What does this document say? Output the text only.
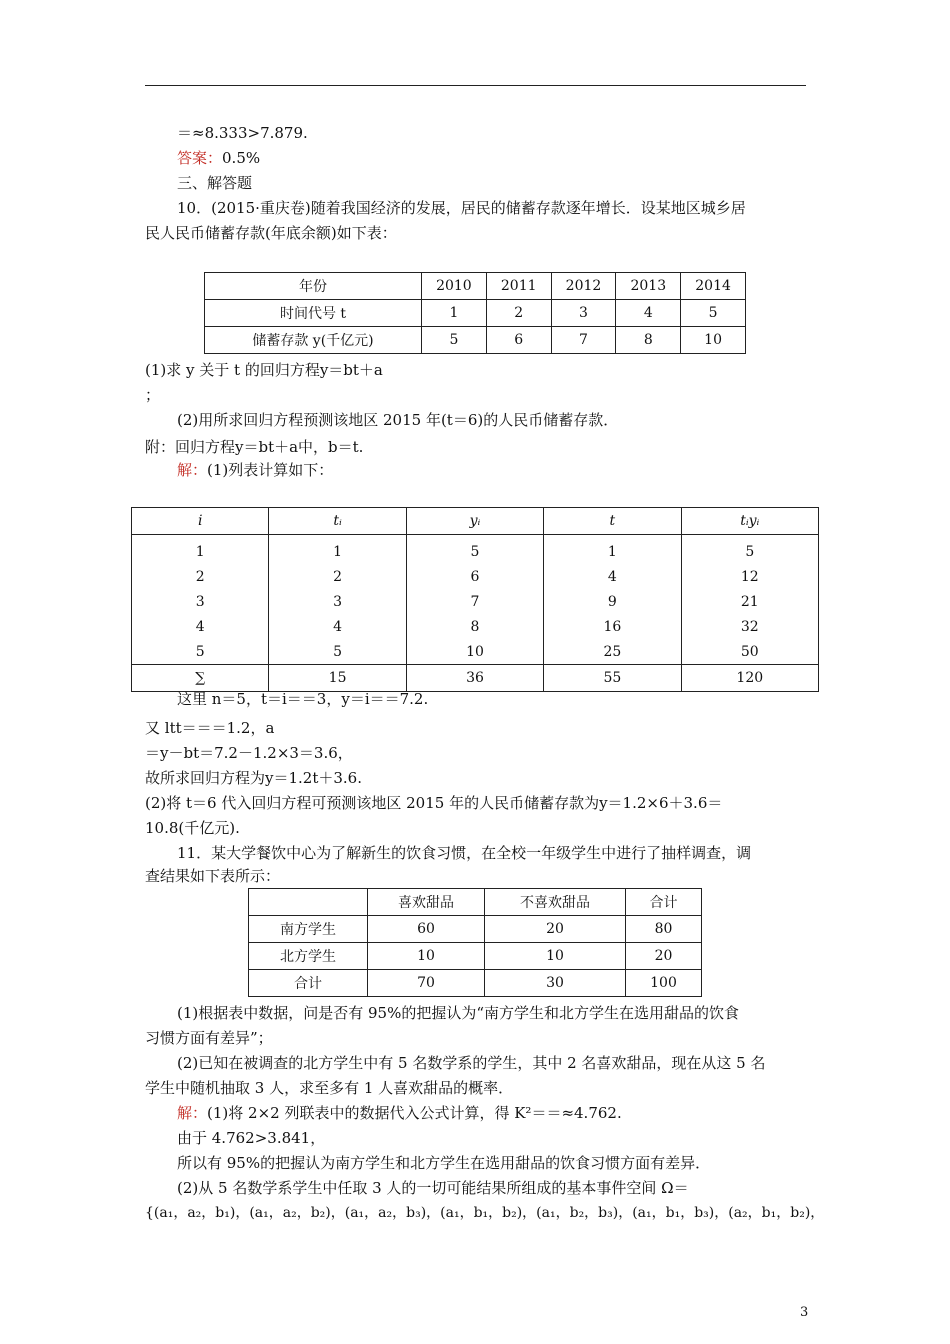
＝≈8.333>7.879.
答案：0.5%
三、解答题
10．(2015·重庆卷)随着我国经济的发展，居民的储蓄存款逐年增长．设某地区城乡居
民人民币储蓄存款(年底余额)如下表：
年份	2010	2011	2012	2013	2014
时间代号 t	1	2	3	4	5
储蓄存款 y(千亿元)	5	6	7	8	10
(1)求 y 关于 t 的回归方程y＝bt＋a
；
(2)用所求回归方程预测该地区 2015 年(t＝6)的人民币储蓄存款．
附：回归方程y＝bt＋a中，b＝t.
解：(1)列表计算如下：
i	tᵢ	yᵢ	t	tᵢyᵢ
1	1	5	1	5
2	2	6	4	12
3	3	7	9	21
4	4	8	16	32
5	5	10	25	50
∑	15	36	55	120
这里 n＝5，t＝i＝＝3，y＝i＝＝7.2.
又 ltt＝＝＝1.2，a
＝y－bt＝7.2－1.2×3＝3.6，
故所求回归方程为y＝1.2t＋3.6.
(2)将 t＝6 代入回归方程可预测该地区 2015 年的人民币储蓄存款为y＝1.2×6＋3.6＝
10.8(千亿元).
11．某大学餐饮中心为了解新生的饮食习惯，在全校一年级学生中进行了抽样调查，调
查结果如下表所示：
	喜欢甜品	不喜欢甜品	合计
南方学生	60	20	80
北方学生	10	10	20
合计	70	30	100
(1)根据表中数据，问是否有 95%的把握认为“南方学生和北方学生在选用甜品的饮食
习惯方面有差异”；
(2)已知在被调查的北方学生中有 5 名数学系的学生，其中 2 名喜欢甜品，现在从这 5 名
学生中随机抽取 3 人，求至多有 1 人喜欢甜品的概率．
解：(1)将 2×2 列联表中的数据代入公式计算，得 K²＝＝≈4.762.
由于 4.762>3.841，
所以有 95%的把握认为南方学生和北方学生在选用甜品的饮食习惯方面有差异．
(2)从 5 名数学系学生中任取 3 人的一切可能结果所组成的基本事件空间 Ω＝
{(a₁，a₂，b₁)，(a₁，a₂，b₂)，(a₁，a₂，b₃)，(a₁，b₁，b₂)，(a₁，b₂，b₃)，(a₁，b₁，b₃)，(a₂，b₁，b₂)，
3
